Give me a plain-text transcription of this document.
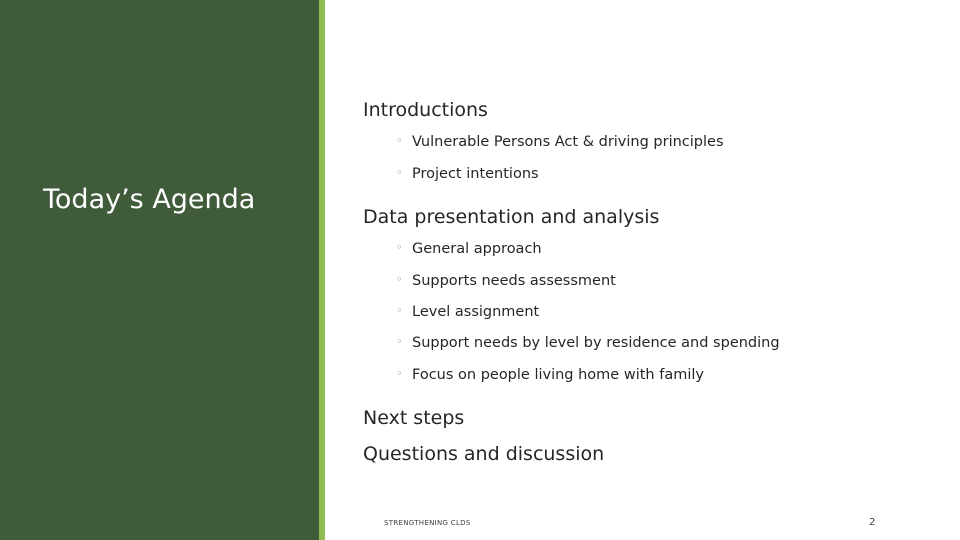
Today’s Agenda
Introductions
◦ Vulnerable Persons Act & driving principles
◦ Project intentions
Data presentation and analysis
◦ General approach
◦ Supports needs assessment
◦ Level assignment
◦ Support needs by level by residence and spending
◦ Focus on people living home with family
Next steps
Questions and discussion
STRENGTHENING CLDS	2
